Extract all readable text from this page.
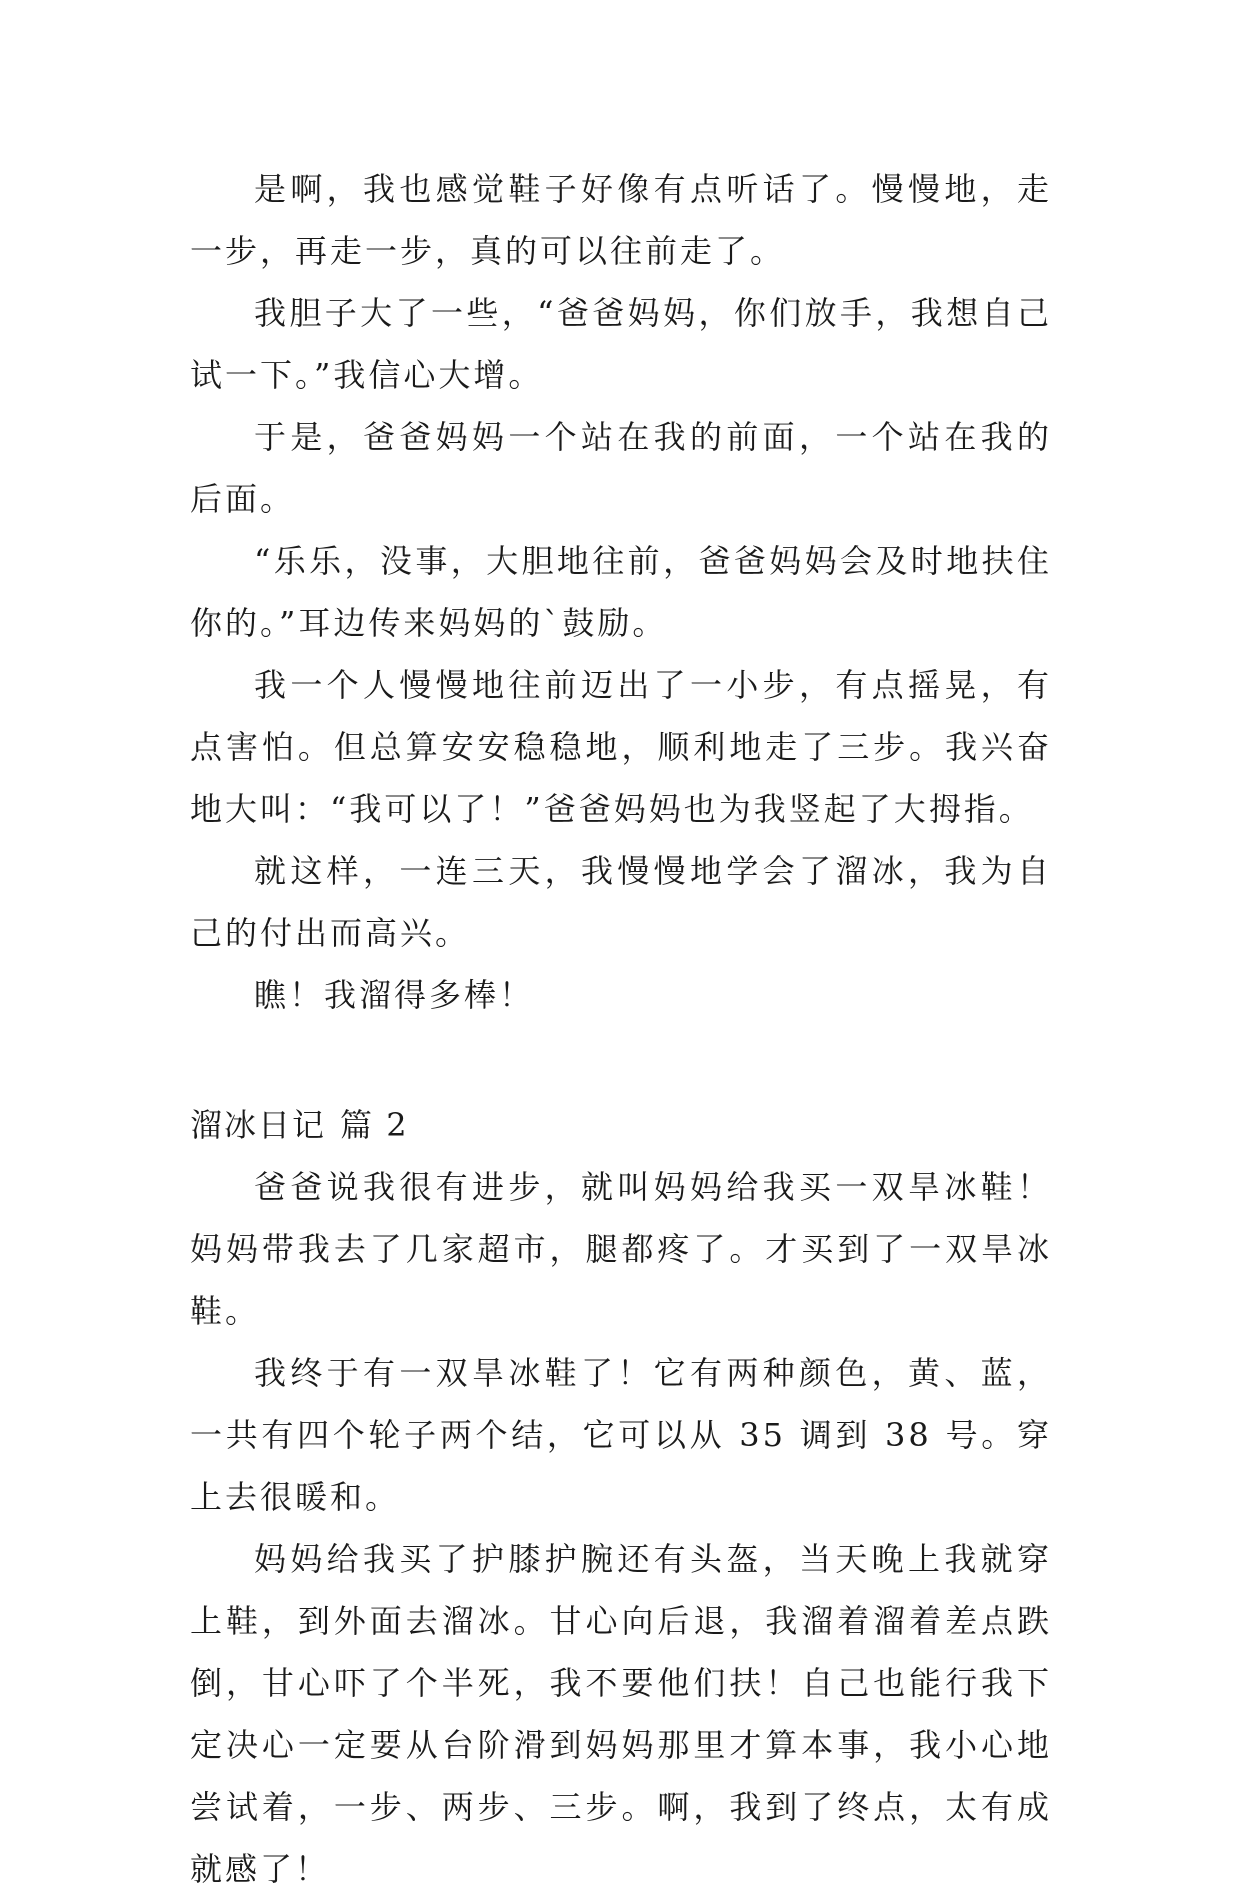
是啊，我也感觉鞋子好像有点听话了。慢慢地，走一步，再走一步，真的可以往前走了。

我胆子大了一些，“爸爸妈妈，你们放手，我想自己试一下。”我信心大增。

于是，爸爸妈妈一个站在我的前面，一个站在我的后面。

“乐乐，没事，大胆地往前，爸爸妈妈会及时地扶住你的。”耳边传来妈妈的`鼓励。

我一个人慢慢地往前迈出了一小步，有点摇晃，有点害怕。但总算安安稳稳地，顺利地走了三步。我兴奋地大叫：“我可以了！”爸爸妈妈也为我竖起了大拇指。

就这样，一连三天，我慢慢地学会了溜冰，我为自己的付出而高兴。

瞧！我溜得多棒！

溜冰日记 篇 2

爸爸说我很有进步，就叫妈妈给我买一双旱冰鞋！妈妈带我去了几家超市，腿都疼了。才买到了一双旱冰鞋。

我终于有一双旱冰鞋了！它有两种颜色，黄、蓝，一共有四个轮子两个结，它可以从 35 调到 38 号。穿上去很暖和。

妈妈给我买了护膝护腕还有头盔，当天晚上我就穿上鞋，到外面去溜冰。甘心向后退，我溜着溜着差点跌倒，甘心吓了个半死，我不要他们扶！自己也能行我下定决心一定要从台阶滑到妈妈那里才算本事，我小心地尝试着，一步、两步、三步。啊，我到了终点，太有成就感了！
